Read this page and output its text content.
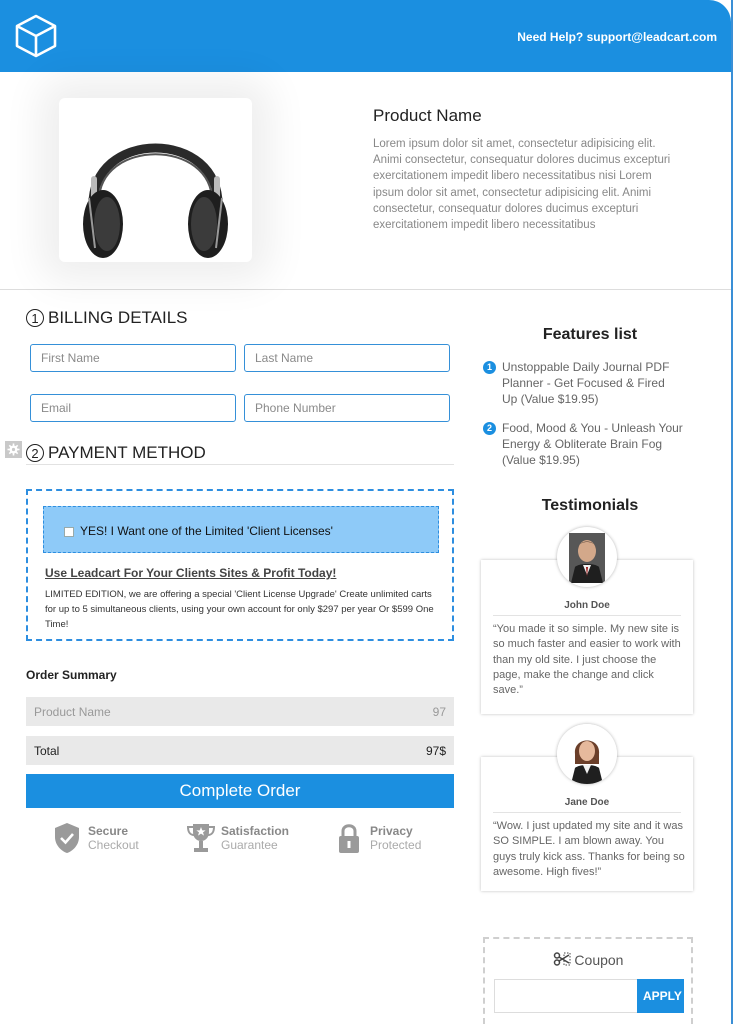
Need Help? support@leadcart.com
Product Name
Lorem ipsum dolor sit amet, consectetur adipisicing elit. Animi consectetur, consequatur dolores ducimus excepturi exercitationem impedit libero necessitatibus nisi Lorem ipsum dolor sit amet, consectetur adipisicing elit. Animi consectetur, consequatur dolores ducimus excepturi exercitationem impedit libero necessitatibus
1 BILLING DETAILS
First Name
Last Name
Email
Phone Number
2 PAYMENT METHOD
YES! I Want one of the Limited 'Client Licenses'
Use Leadcart For Your Clients Sites & Profit Today!
LIMITED EDITION, we are offering a special 'Client License Upgrade' Create unlimited carts for up to 5 simultaneous clients, using your own account for only $297 per year Or $599 One Time!
Order Summary
Product Name	97
Total	97$
Complete Order
Secure
Checkout
Satisfaction
Guarantee
Privacy
Protected
Features list
1 Unstoppable Daily Journal PDF Planner - Get Focused & Fired Up (Value $19.95)
2 Food, Mood & You - Unleash Your Energy & Obliterate Brain Fog (Value $19.95)
Testimonials
John Doe
“You made it so simple. My new site is so much faster and easier to work with than my old site. I just choose the page, make the change and click save.”
Jane Doe
“Wow. I just updated my site and it was SO SIMPLE. I am blown away. You guys truly kick ass. Thanks for being so awesome. High fives!”
Coupon
APPLY
